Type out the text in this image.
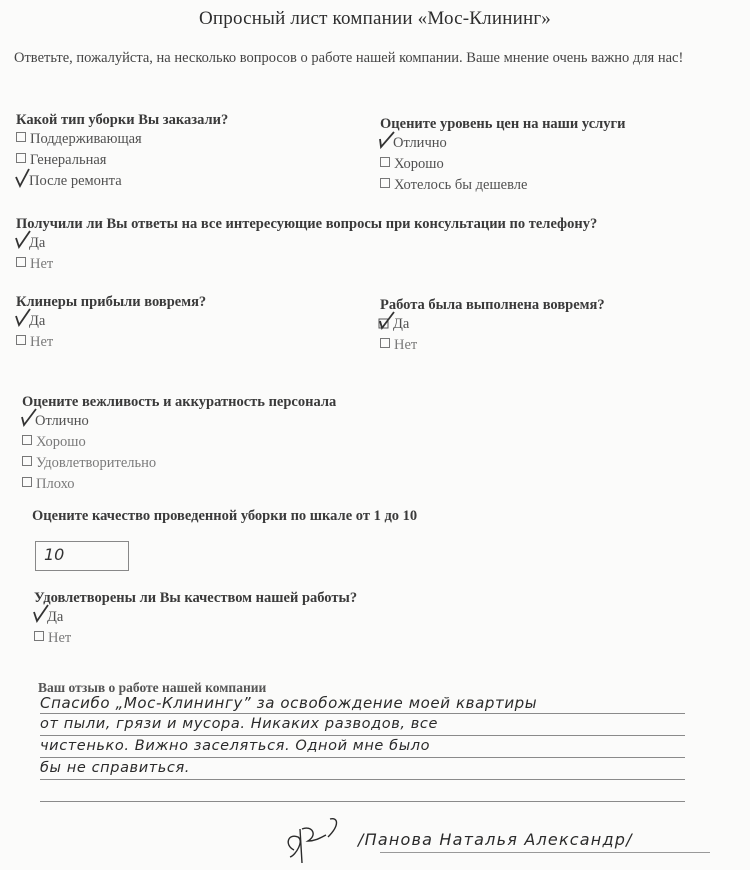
Опросный лист компании «Мос-Клининг»
Ответьте, пожалуйста, на несколько вопросов о работе нашей компании. Ваше мнение очень важно для нас!
Какой тип уборки Вы заказали?
Поддерживающая
Генеральная
После ремонта
Оцените уровень цен на наши услуги
Отлично
Хорошо
Хотелось бы дешевле
Получили ли Вы ответы на все интересующие вопросы при консультации по телефону?
Да
Нет
Клинеры прибыли вовремя?
Да
Нет
Работа была выполнена вовремя?
Да
Нет
Оцените вежливость и аккуратность персонала
Отлично
Хорошо
Удовлетворительно
Плохо
Оцените качество проведенной уборки по шкале от 1 до 10
10
Удовлетворены ли Вы качеством нашей работы?
Да
Нет
Ваш отзыв о работе нашей компании
Спасибо „Мос-Клинингу” за освобождение моей квартиры
от пыли, грязи и мусора. Никаких разводов, все
чистенько. Вижно заселяться. Одной мне было
бы не справиться.
/Панова Наталья Александр/
